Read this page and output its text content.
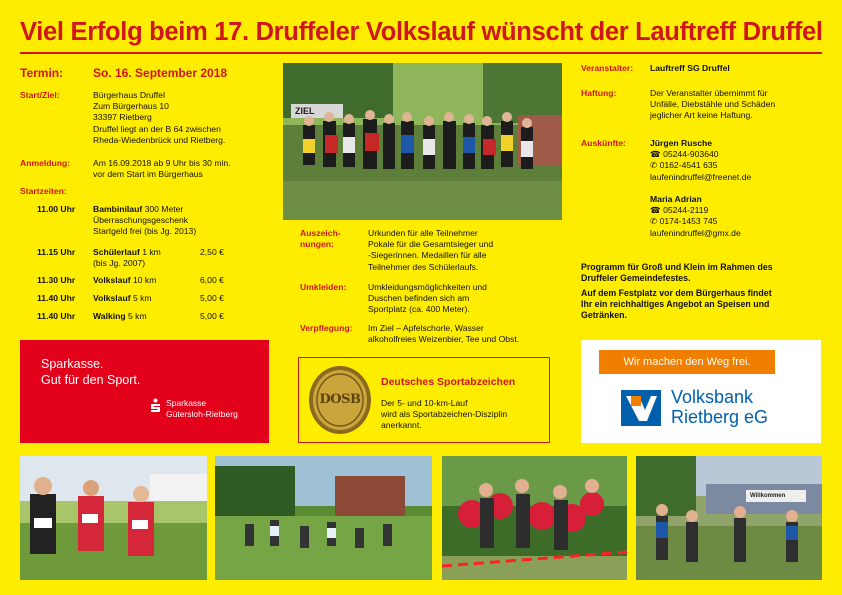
Viel Erfolg beim 17. Druffeler Volkslauf wünscht der Lauftreff Druffel
Termin: So. 16. September 2018
Start/Ziel:	Bürgerhaus Druffel
Zum Bürgerhaus 10
33397 Rietberg
Druffel liegt an der B 64 zwischen
Rheda-Wiedenbrück und Rietberg.
Anmeldung:	Am 16.09.2018 ab 9 Uhr bis 30 min.
vor dem Start im Bürgerhaus
Startzeiten:
11.00 Uhr Bambinilauf 300 Meter
Überraschungsgeschenk
Startgeld frei (bis Jg. 2013)
11.15 Uhr Schülerlauf 1 km
(bis Jg. 2007)
2,50 €
11.30 Uhr Volkslauf 10 km	6,00 €
11.40 Uhr Volkslauf 5 km	5,00 €
11.40 Uhr Walking 5 km	5,00 €
Sparkasse.
Gut für den Sport.
Sparkasse
Gütersloh-Rietberg
ZIEL
Auszeich-
nungen:
Urkunden für alle Teilnehmer
Pokale für die Gesamtsieger und
-Siegerinnen. Medaillen für alle
Teilnehmer des Schülerlaufs.
Umkleiden:	Umkleidungsmöglichkeiten und
Duschen befinden sich am
Sportplatz (ca. 400 Meter).
Verpflegung: Im Ziel – Apfelschorle, Wasser
alkoholfreies Weizenbier, Tee und Obst.
DOSB
Deutsches Sportabzeichen
Der 5- und 10-km-Lauf
wird als Sportabzeichen-Disziplin
anerkannt.
Veranstalter: Lauftreff SG Druffel
Haftung:	Der Veranstalter übernimmt für
Unfälle, Diebstähle und Schäden
jeglicher Art keine Haftung.
Auskünfte:	Jürgen Rusche
☎ 05244-903640
✆ 0162-4541 635
laufenindruffel@freenet.de
Maria Adrian
☎ 05244-2119
✆ 0174-1453 745
laufenindruffel@gmx.de
Programm für Groß und Klein im Rahmen des
Druffeler Gemeindefestes.
Auf dem Festplatz vor dem Bürgerhaus findet
Ihr ein reichhaltiges Angebot an Speisen und
Getränken.
Wir machen den Weg frei.
Volksbank
Rietberg eG
Willkommen
